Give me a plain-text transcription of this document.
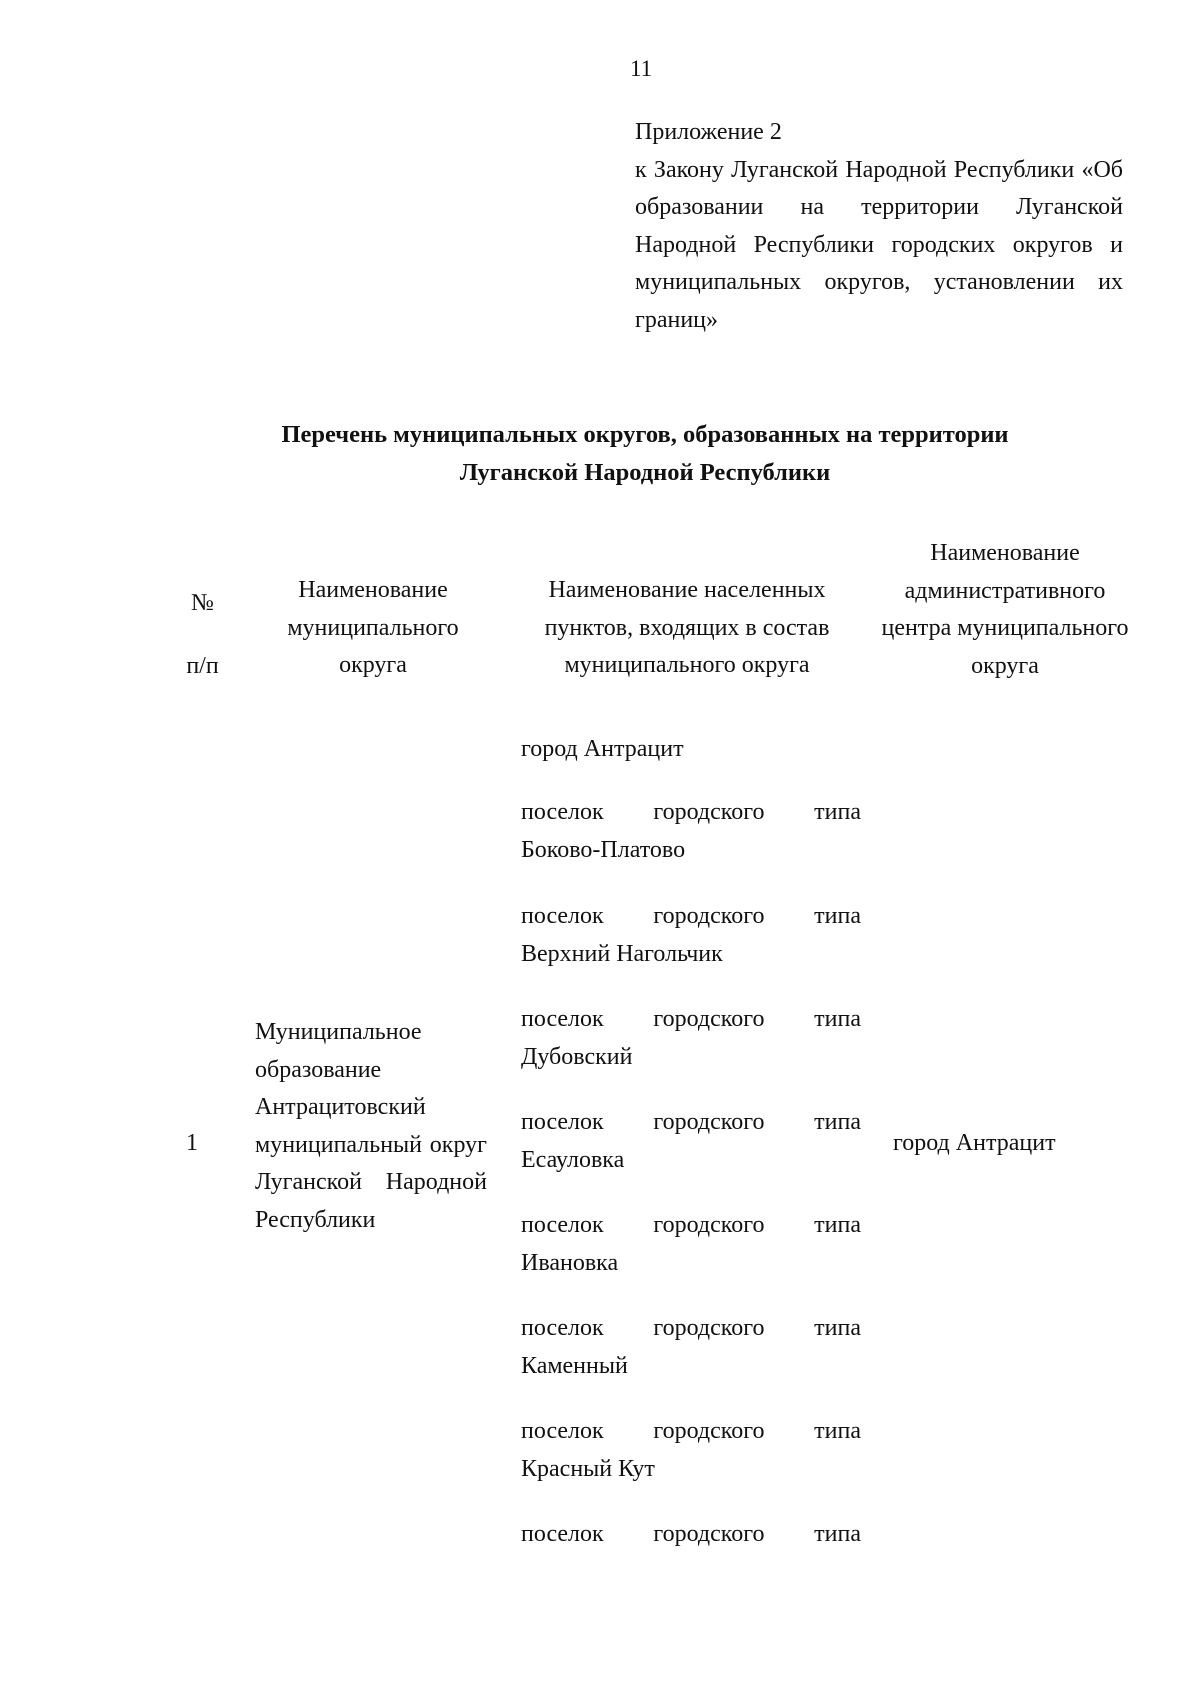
11
Приложение 2
к Закону Луганской Народной Республики «Об образовании на территории Луганской Народной Республики городских округов и муниципальных округов, установлении их границ»
Перечень муниципальных округов, образованных на территории
Луганской Народной Республики
№
п/п
Наименование муниципального округа
Наименование населенных пунктов, входящих в состав муниципального округа
Наименование административного центра муниципального округа
1
Муниципальное образование Антрацитовский муниципальный округ Луганской Народной Республики
город Антрацит
город Антрацит
поселок городского типа
Боково-Платово
поселок городского типа
Верхний Нагольчик
поселок городского типа
Дубовский
поселок городского типа
Есауловка
поселок городского типа
Ивановка
поселок городского типа
Каменный
поселок городского типа
Красный Кут
поселок городского типа
